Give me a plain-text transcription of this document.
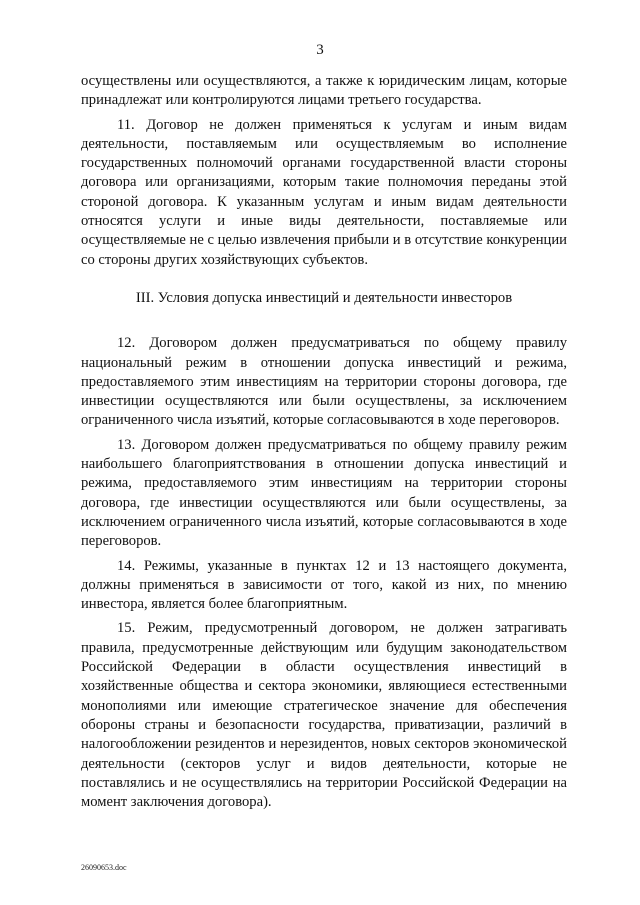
3

осуществлены или осуществляются, а также к юридическим лицам, которые принадлежат или контролируются лицами третьего государства.

11. Договор не должен применяться к услугам и иным видам деятельности, поставляемым или осуществляемым во исполнение государственных полномочий органами государственной власти стороны договора или организациями, которым такие полномочия переданы этой стороной договора. К указанным услугам и иным видам деятельности относятся услуги и иные виды деятельности, поставляемые или осуществляемые не с целью извлечения прибыли и в отсутствие конкуренции со стороны других хозяйствующих субъектов.

III. Условия допуска инвестиций и деятельности инвесторов

12. Договором должен предусматриваться по общему правилу национальный режим в отношении допуска инвестиций и режима, предоставляемого этим инвестициям на территории стороны договора, где инвестиции осуществляются или были осуществлены, за исключением ограниченного числа изъятий, которые согласовываются в ходе переговоров.

13. Договором должен предусматриваться по общему правилу режим наибольшего благоприятствования в отношении допуска инвестиций и режима, предоставляемого этим инвестициям на территории стороны договора, где инвестиции осуществляются или были осуществлены, за исключением ограниченного числа изъятий, которые согласовываются в ходе переговоров.

14. Режимы, указанные в пунктах 12 и 13 настоящего документа, должны применяться в зависимости от того, какой из них, по мнению инвестора, является более благоприятным.

15. Режим, предусмотренный договором, не должен затрагивать правила, предусмотренные действующим или будущим законодательством Российской Федерации в области осуществления инвестиций в хозяйственные общества и сектора экономики, являющиеся естественными монополиями или имеющие стратегическое значение для обеспечения обороны страны и безопасности государства, приватизации, различий в налогообложении резидентов и нерезидентов, новых секторов экономической деятельности (секторов услуг и видов деятельности, которые не поставлялись и не осуществлялись на территории Российской Федерации на момент заключения договора).

26090653.doc
